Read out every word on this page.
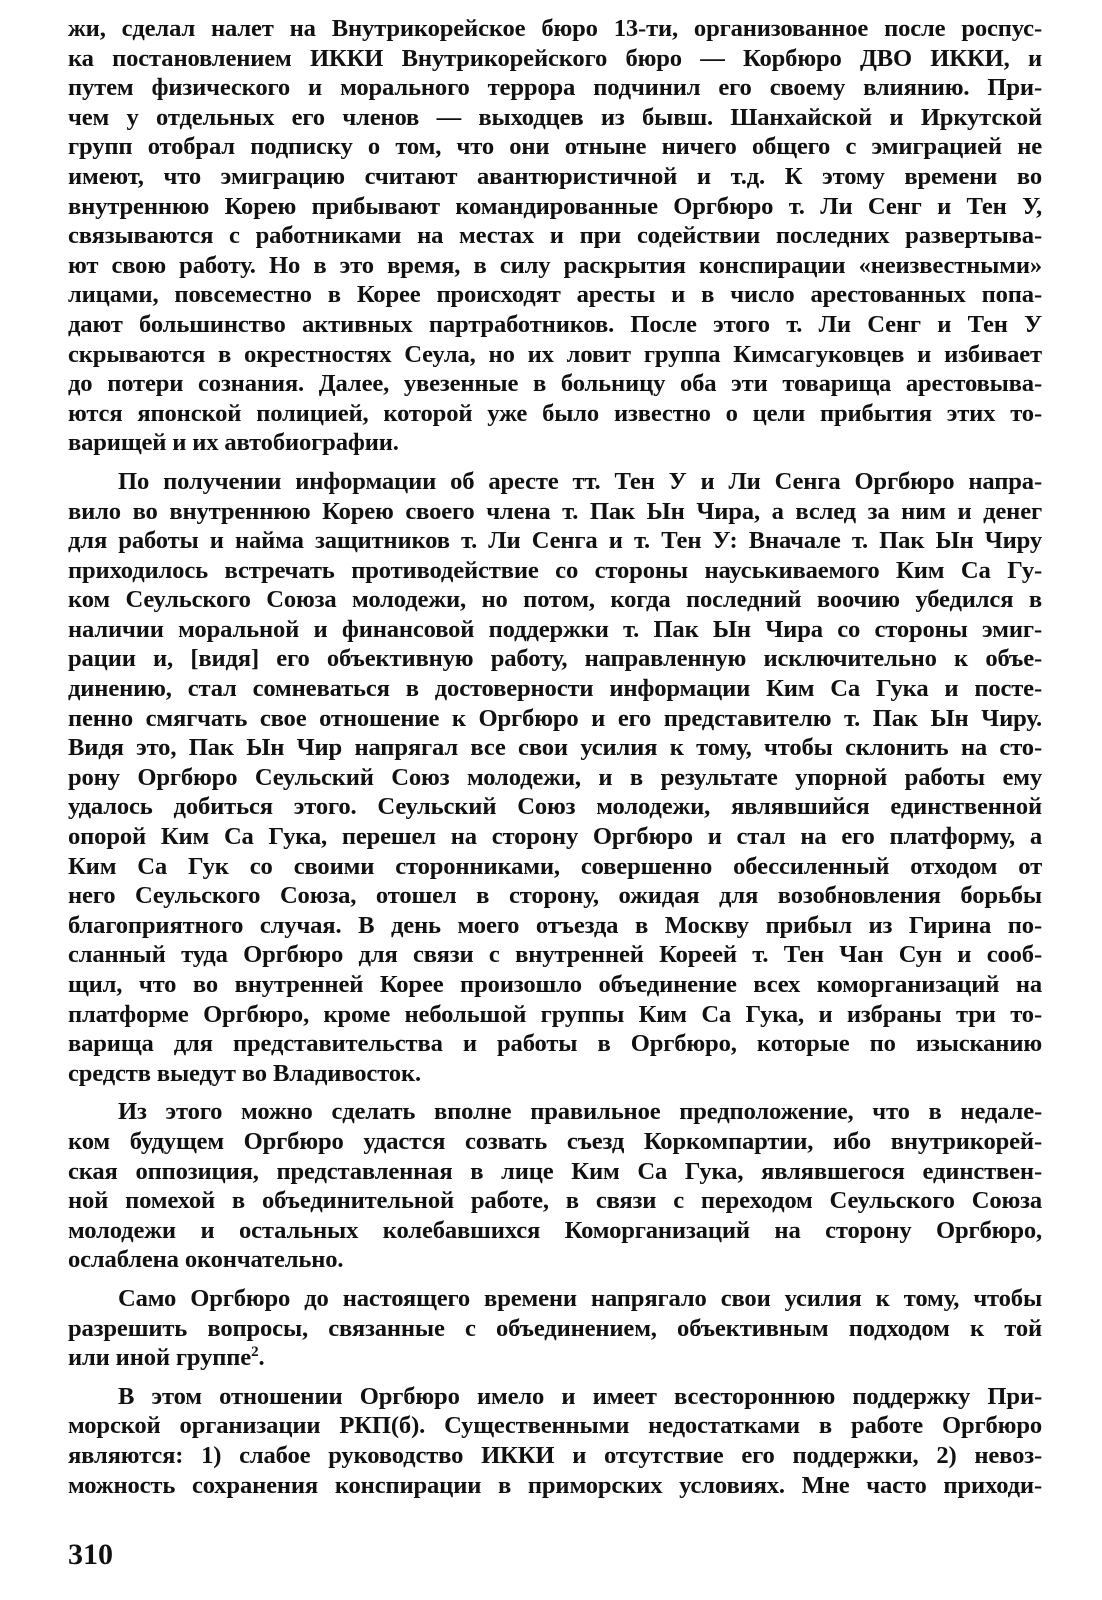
жи, сделал налет на Внутрикорейское бюро 13-ти, организованное после роспус-
ка постановлением ИККИ Внутрикорейского бюро — Корбюро ДВО ИККИ, и
путем физического и морального террора подчинил его своему влиянию. При-
чем у отдельных его членов — выходцев из бывш. Шанхайской и Иркутской
групп отобрал подписку о том, что они отныне ничего общего с эмиграцией не
имеют, что эмиграцию считают авантюристичной и т.д. К этому времени во
внутреннюю Корею прибывают командированные Оргбюро т. Ли Сенг и Тен У,
связываются с работниками на местах и при содействии последних развертыва-
ют свою работу. Но в это время, в силу раскрытия конспирации «неизвестными»
лицами, повсеместно в Корее происходят аресты и в число арестованных попа-
дают большинство активных партработников. После этого т. Ли Сенг и Тен У
скрываются в окрестностях Сеула, но их ловит группа Кимсагуковцев и избивает
до потери сознания. Далее, увезенные в больницу оба эти товарища арестовыва-
ются японской полицией, которой уже было известно о цели прибытия этих то-
варищей и их автобиографии.

По получении информации об аресте тт. Тен У и Ли Сенга Оргбюро напра-
вило во внутреннюю Корею своего члена т. Пак Ын Чира, а вслед за ним и денег
для работы и найма защитников т. Ли Сенга и т. Тен У: Вначале т. Пак Ын Чиру
приходилось встречать противодействие со стороны науськиваемого Ким Са Гу-
ком Сеульского Союза молодежи, но потом, когда последний воочию убедился в
наличии моральной и финансовой поддержки т. Пак Ын Чира со стороны эмиг-
рации и, [видя] его объективную работу, направленную исключительно к объе-
динению, стал сомневаться в достоверности информации Ким Са Гука и посте-
пенно смягчать свое отношение к Оргбюро и его представителю т. Пак Ын Чиру.
Видя это, Пак Ын Чир напрягал все свои усилия к тому, чтобы склонить на сто-
рону Оргбюро Сеульский Союз молодежи, и в результате упорной работы ему
удалось добиться этого. Сеульский Союз молодежи, являвшийся единственной
опорой Ким Са Гука, перешел на сторону Оргбюро и стал на его платформу, а
Ким Са Гук со своими сторонниками, совершенно обессиленный отходом от
него Сеульского Союза, отошел в сторону, ожидая для возобновления борьбы
благоприятного случая. В день моего отъезда в Москву прибыл из Гирина по-
сланный туда Оргбюро для связи с внутренней Кореей т. Тен Чан Сун и сооб-
щил, что во внутренней Корее произошло объединение всех коморганизаций на
платформе Оргбюро, кроме небольшой группы Ким Са Гука, и избраны три то-
варища для представительства и работы в Оргбюро, которые по изысканию
средств выедут во Владивосток.

Из этого можно сделать вполне правильное предположение, что в недале-
ком будущем Оргбюро удастся созвать съезд Коркомпартии, ибо внутрикорей-
ская оппозиция, представленная в лице Ким Са Гука, являвшегося единствен-
ной помехой в объединительной работе, в связи с переходом Сеульского Союза
молодежи и остальных колебавшихся Коморганизаций на сторону Оргбюро,
ослаблена окончательно.

Само Оргбюро до настоящего времени напрягало свои усилия к тому, чтобы
разрешить вопросы, связанные с объединением, объективным подходом к той
или иной группе$^2$.

В этом отношении Оргбюро имело и имеет всестороннюю поддержку При-
морской организации РКП(б). Существенными недостатками в работе Оргбюро
являются: 1) слабое руководство ИККИ и отсутствие его поддержки, 2) невоз-
можность сохранения конспирации в приморских условиях. Мне часто приходи-

310
